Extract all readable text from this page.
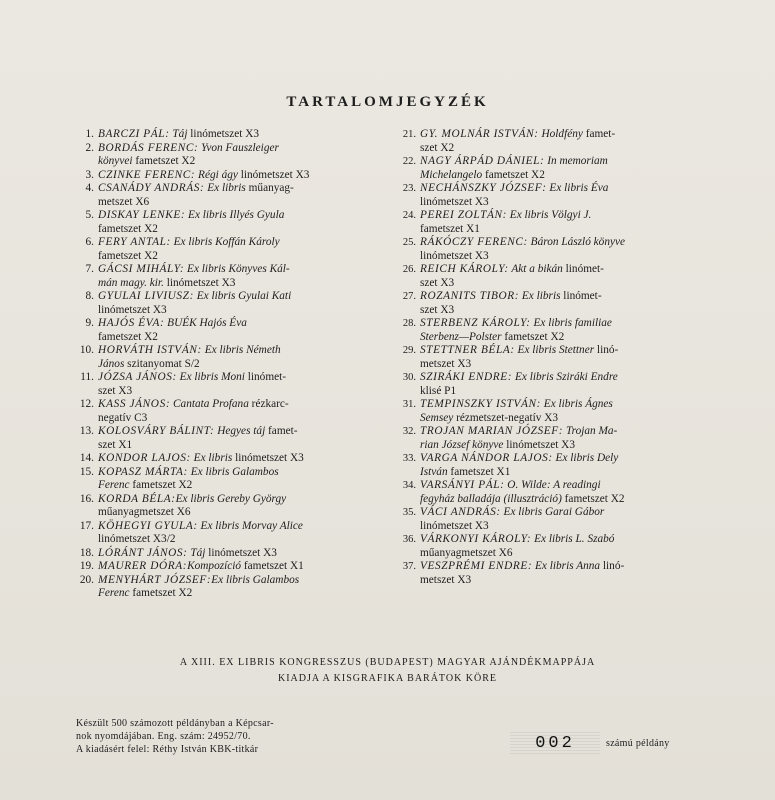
TARTALOMJEGYZÉK
1. BARCZI PÁL: Táj linómetszet X3
2. BORDÁS FERENC: Yvon Fauszleiger
könyvei fametszet X2
3. CZINKE FERENC: Régi ágy linómetszet X3
4. CSANÁDY ANDRÁS: Ex libris műanyag-
metszet X6
5. DISKAY LENKE: Ex libris Illyés Gyula
fametszet X2
6. FERY ANTAL: Ex libris Koffán Károly
fametszet X2
7. GÁCSI MIHÁLY: Ex libris Könyves Kál-
mán magy. kir. linómetszet X3
8. GYULAI LIVIUSZ: Ex libris Gyulai Kati
linómetszet X3
9. HAJÓS ÉVA: BUÉK Hajós Éva
fametszet X2
10. HORVÁTH ISTVÁN: Ex libris Németh
János szitanyomat S/2
11. JÓZSA JÁNOS: Ex libris Moni linómet-
szet X3
12. KASS JÁNOS: Cantata Profana rézkarc-
negatív C3
13. KOLOSVÁRY BÁLINT: Hegyes táj famet-
szet X1
14. KONDOR LAJOS: Ex libris linómetszet X3
15. KOPASZ MÁRTA: Ex libris Galambos
Ferenc fametszet X2
16. KORDA BÉLA:Ex libris Gereby György
műanyagmetszet X6
17. KÖHEGYI GYULA: Ex libris Morvay Alice
linómetszet X3/2
18. LÓRÁNT JÁNOS: Táj linómetszet X3
19. MAURER DÓRA:Kompozíció fametszet X1
20. MENYHÁRT JÓZSEF:Ex libris Galambos
Ferenc fametszet X2
21. GY. MOLNÁR ISTVÁN: Holdfény famet-
szet X2
22. NAGY ÁRPÁD DÁNIEL: In memoriam
Michelangelo fametszet X2
23. NECHÁNSZKY JÓZSEF: Ex libris Éva
linómetszet X3
24. PEREI ZOLTÁN: Ex libris Völgyi J.
fametszet X1
25. RÁKÓCZY FERENC: Báron László könyve
linómetszet X3
26. REICH KÁROLY: Akt a bikán linómet-
szet X3
27. ROZANITS TIBOR: Ex libris linómet-
szet X3
28. STERBENZ KÁROLY: Ex libris familiae
Sterbenz—Polster fametszet X2
29. STETTNER BÉLA: Ex libris Stettner linó-
metszet X3
30. SZIRÁKI ENDRE: Ex libris Sziráki Endre
klisé P1
31. TEMPINSZKY ISTVÁN: Ex libris Ágnes
Semsey rézmetszet-negatív X3
32. TROJAN MARIAN JÓZSEF: Trojan Ma-
rian József könyve linómetszet X3
33. VARGA NÁNDOR LAJOS: Ex libris Dely
István fametszet X1
34. VARSÁNYI PÁL: O. Wilde: A readingi
fegyház balladája (illusztráció) fametszet X2
35. VÁCI ANDRÁS: Ex libris Garai Gábor
linómetszet X3
36. VÁRKONYI KÁROLY: Ex libris L. Szabó
műanyagmetszet X6
37. VESZPRÉMI ENDRE: Ex libris Anna linó-
metszet X3
A XIII. EX LIBRIS KONGRESSZUS (BUDAPEST) MAGYAR AJÁNDÉKMAPPÁJA
KIADJA A KISGRAFIKA BARÁTOK KÖRE
Készült 500 számozott példányban a Képcsar-
nok nyomdájában. Eng. szám: 24952/70.
A kiadásért felel: Réthy István KBK-titkár	002	számú példány
